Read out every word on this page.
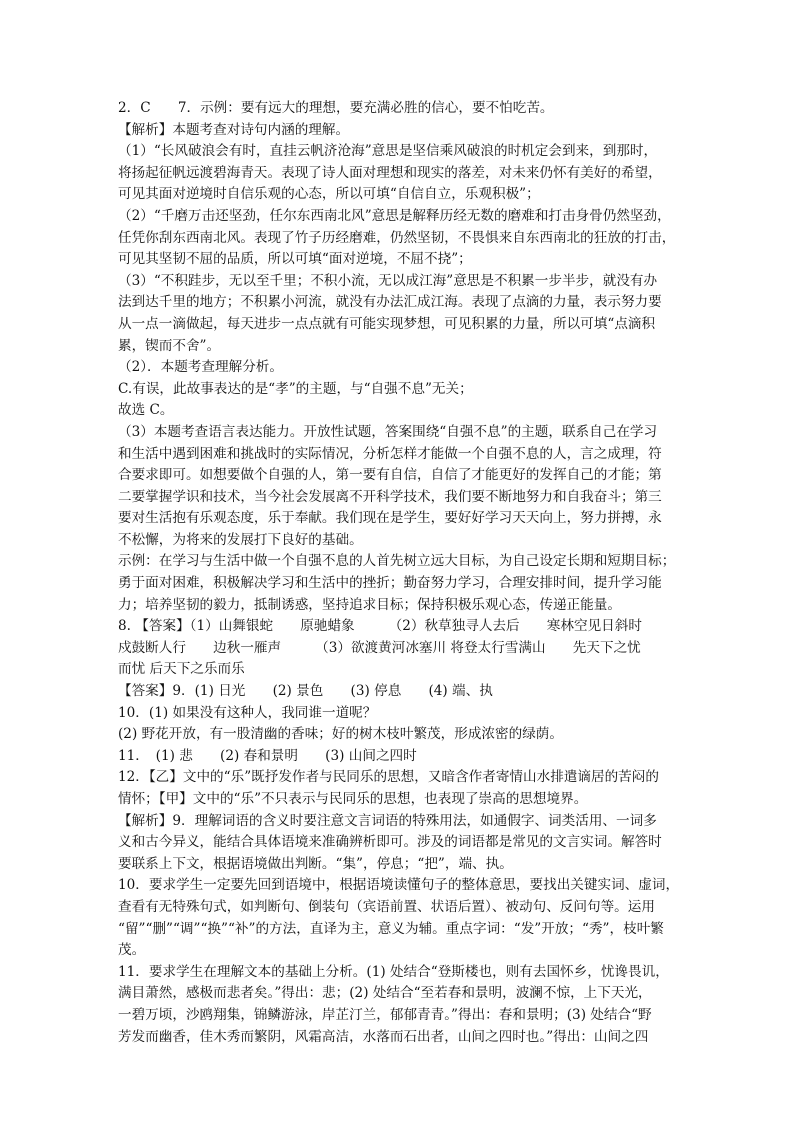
2．C　　7．示例：要有远大的理想，要充满必胜的信心，要不怕吃苦。
【解析】本题考查对诗句内涵的理解。
（1）“长风破浪会有时，直挂云帆济沧海”意思是坚信乘风破浪的时机定会到来，到那时，
将扬起征帆远渡碧海青天。表现了诗人面对理想和现实的落差，对未来仍怀有美好的希望，
可见其面对逆境时自信乐观的心态，所以可填“自信自立，乐观积极”；
（2）“千磨万击还坚劲，任尔东西南北风”意思是解释历经无数的磨难和打击身骨仍然坚劲，
任凭你刮东西南北风。表现了竹子历经磨难，仍然坚韧，不畏惧来自东西南北的狂放的打击，
可见其坚韧不屈的品质，所以可填“面对逆境，不屈不挠”；
（3）“不积跬步，无以至千里；不积小流，无以成江海”意思是不积累一步半步，就没有办
法到达千里的地方；不积累小河流，就没有办法汇成江海。表现了点滴的力量，表示努力要
从一点一滴做起，每天进步一点点就有可能实现梦想，可见积累的力量，所以可填“点滴积
累，锲而不舍”。
（2）．本题考查理解分析。
C.有误，此故事表达的是“孝”的主题，与“自强不息”无关；
故选 C。
（3）本题考查语言表达能力。开放性试题，答案围绕“自强不息”的主题，联系自己在学习
和生活中遇到困难和挑战时的实际情况，分析怎样才能做一个自强不息的人，言之成理，符
合要求即可。如想要做个自强的人，第一要有自信，自信了才能更好的发挥自己的才能；第
二要掌握学识和技术，当今社会发展离不开科学技术，我们要不断地努力和自我奋斗；第三
要对生活抱有乐观态度，乐于奉献。我们现在是学生，要好好学习天天向上，努力拼搏，永
不松懈，为将来的发展打下良好的基础。
示例：在学习与生活中做一个自强不息的人首先树立远大目标，为自己设定长期和短期目标；
勇于面对困难，积极解决学习和生活中的挫折；勤奋努力学习，合理安排时间，提升学习能
力；培养坚韧的毅力，抵制诱惑，坚持追求目标；保持积极乐观心态，传递正能量。
8. 【答案】（1）山舞银蛇　　原驰蜡象　　　（2）秋草独寻人去后　　寒林空见日斜时
戍鼓断人行　　边秋一雁声　　　（3）欲渡黄河冰塞川 将登太行雪满山　　先天下之忧
而忧 后天下之乐而乐
【答案】9．(1) 日光　　(2) 景色　　(3) 停息　　(4) 端、执
10．(1) 如果没有这种人，我同谁一道呢？
(2) 野花开放，有一股清幽的香味；好的树木枝叶繁茂，形成浓密的绿荫。
11．　(1) 悲　　(2) 春和景明　　(3) 山间之四时
12．【乙】文中的“乐”既抒发作者与民同乐的思想，又暗含作者寄情山水排遣谪居的苦闷的
情怀；【甲】文中的“乐”不只表示与民同乐的思想，也表现了崇高的思想境界。
【解析】9．理解词语的含义时要注意文言词语的特殊用法，如通假字、词类活用、一词多
义和古今异义，能结合具体语境来准确辨析即可。涉及的词语都是常见的文言实词。解答时
要联系上下文，根据语境做出判断。“集”，停息；“把”，端、执。
10．要求学生一定要先回到语境中，根据语境读懂句子的整体意思，要找出关键实词、虚词，
查看有无特殊句式，如判断句、倒装句（宾语前置、状语后置）、被动句、反问句等。运用
“留”“删”“调”“换”“补”的方法，直译为主，意义为辅。重点字词：“发”开放；“秀”，枝叶繁
茂。
11．要求学生在理解文本的基础上分析。(1) 处结合“登斯楼也，则有去国怀乡，忧谗畏讥，
满目萧然，感极而悲者矣。”得出：悲；(2) 处结合“至若春和景明，波澜不惊，上下天光，
一碧万顷，沙鸥翔集，锦鳞游泳，岸芷汀兰，郁郁青青。”得出：春和景明；(3) 处结合“野
芳发而幽香，佳木秀而繁阴，风霜高洁，水落而石出者，山间之四时也。”得出：山间之四
